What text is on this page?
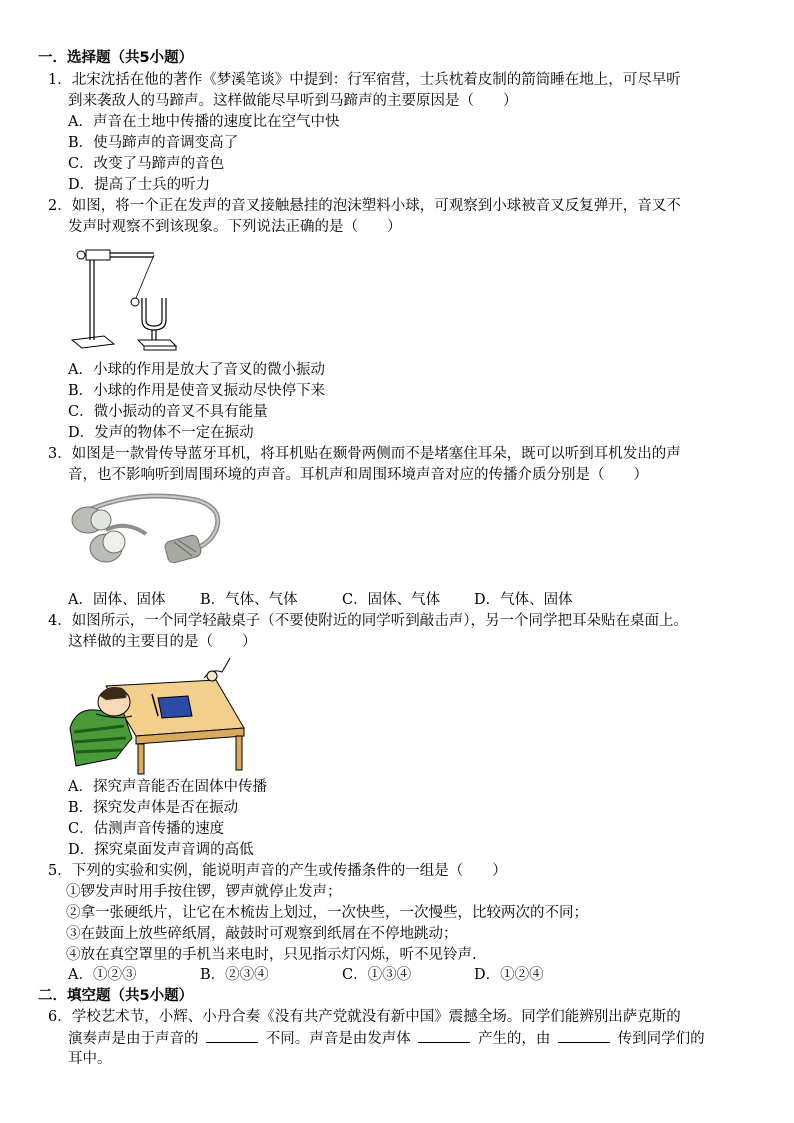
一．选择题（共5小题）
1．北宋沈括在他的著作《梦溪笔谈》中提到：行军宿营，士兵枕着皮制的箭筒睡在地上，可尽早听
到来袭敌人的马蹄声。这样做能尽早听到马蹄声的主要原因是（　　）
A．声音在土地中传播的速度比在空气中快
B．使马蹄声的音调变高了
C．改变了马蹄声的音色
D．提高了士兵的听力
2．如图，将一个正在发声的音叉接触悬挂的泡沫塑料小球，可观察到小球被音叉反复弹开，音叉不
发声时观察不到该现象。下列说法正确的是（　　）
A．小球的作用是放大了音叉的微小振动
B．小球的作用是使音叉振动尽快停下来
C．微小振动的音叉不具有能量
D．发声的物体不一定在振动
3．如图是一款骨传导蓝牙耳机，将耳机贴在颞骨两侧而不是堵塞住耳朵，既可以听到耳机发出的声
音，也不影响听到周围环境的声音。耳机声和周围环境声音对应的传播介质分别是（　　）
A．固体、固体 B．气体、气体	C．固体、气体 D．气体、固体
4．如图所示，一个同学轻敲桌子（不要使附近的同学听到敲击声），另一个同学把耳朵贴在桌面上。
这样做的主要目的是（　　）
A．探究声音能否在固体中传播
B．探究发声体是否在振动
C．估测声音传播的速度
D．探究桌面发声音调的高低
5．下列的实验和实例，能说明声音的产生或传播条件的一组是（　　）
①锣发声时用手按住锣，锣声就停止发声；
②拿一张硬纸片，让它在木梳齿上划过，一次快些，一次慢些，比较两次的不同；
③在鼓面上放些碎纸屑，敲鼓时可观察到纸屑在不停地跳动；
④放在真空罩里的手机当来电时，只见指示灯闪烁，听不见铃声.
A．①②③	B．②③④	C．①③④	D．①②④
二．填空题（共5小题）
6．学校艺术节，小辉、小丹合奏《没有共产党就没有新中国》震撼全场。同学们能辨别出萨克斯的
演奏声是由于声音的	不同。声音是由发声体	产生的，由	传到同学们的
耳中。
